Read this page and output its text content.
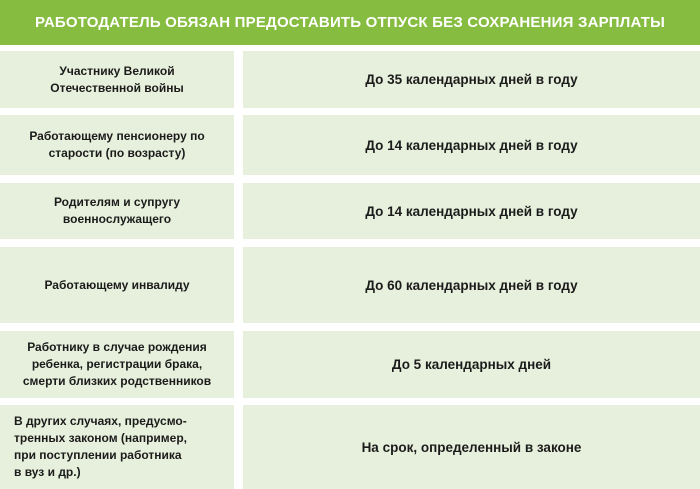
РАБОТОДАТЕЛЬ ОБЯЗАН ПРЕДОСТАВИТЬ ОТПУСК БЕЗ СОХРАНЕНИЯ ЗАРПЛАТЫ
Участнику Великой
Отечественной войны
До 35 календарных дней в году
Работающему пенсионеру по
старости (по возрасту)
До 14 календарных дней в году
Родителям и супругу
военнослужащего
До 14 календарных дней в году
Работающему инвалиду	До 60 календарных дней в году
Работнику в случае рождения
ребенка, регистрации брака,
смерти близких родственников
До 5 календарных дней
В других случаях, предусмо-
тренных законом (например,
при поступлении работника
в вуз и др.)
На срок, определенный в законе
